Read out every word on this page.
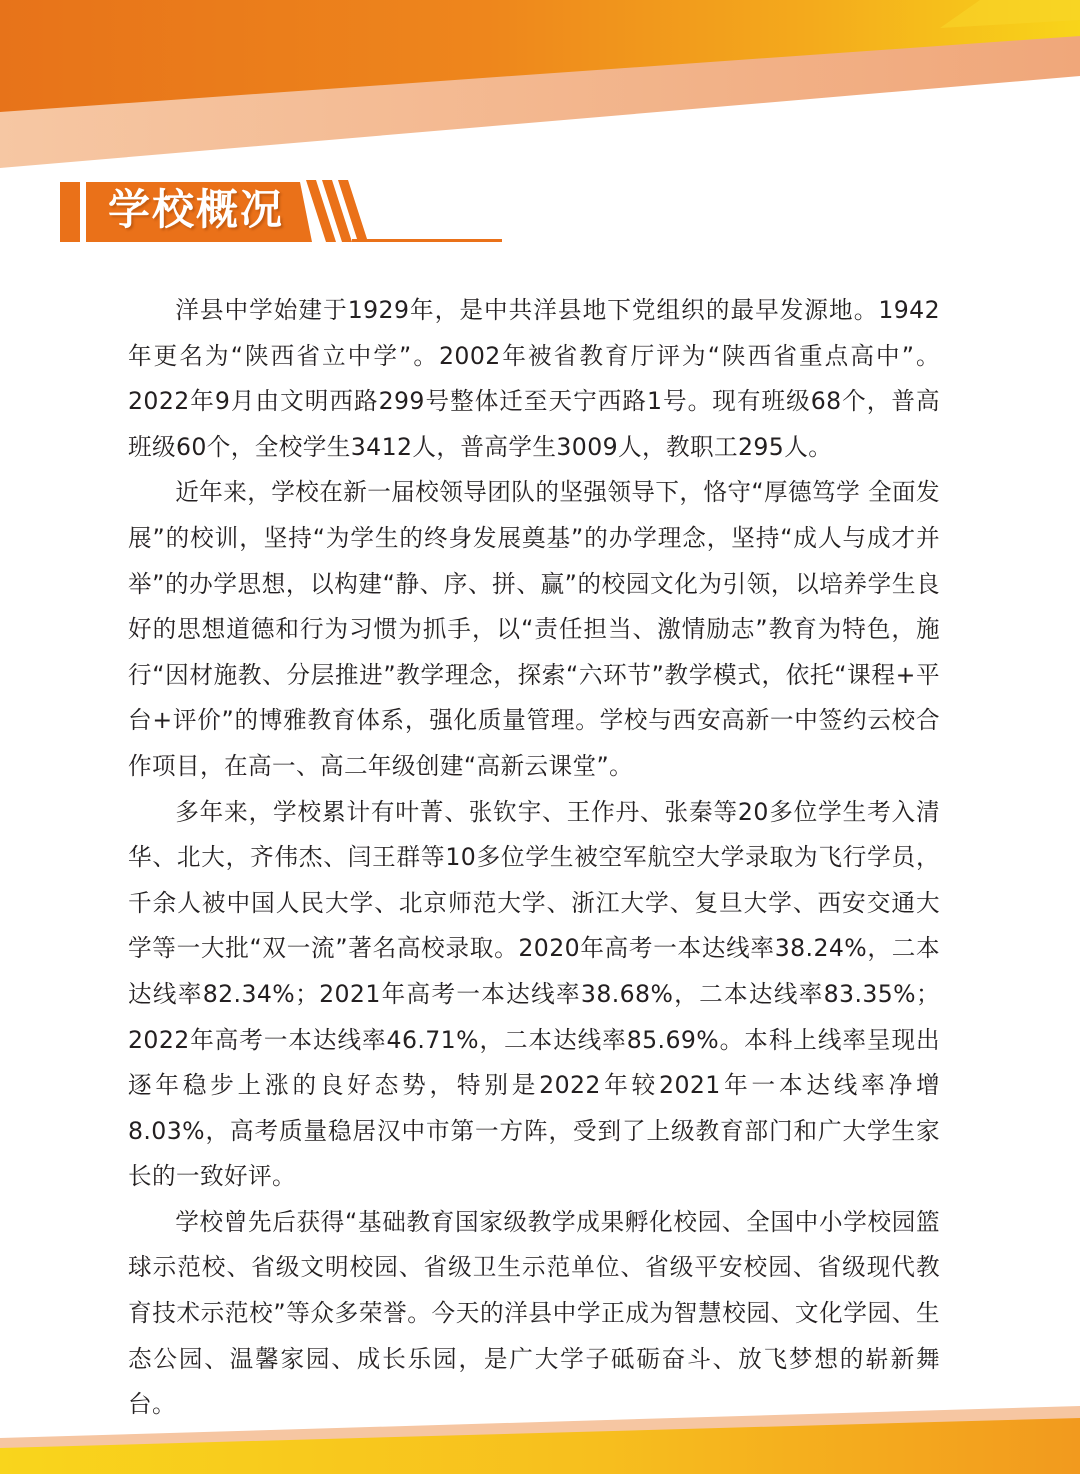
学校概况

洋县中学始建于1929年，是中共洋县地下党组织的最早发源地。1942年更名为“陕西省立中学”。2002年被省教育厅评为“陕西省重点高中”。2022年9月由文明西路299号整体迁至天宁西路1号。现有班级68个，普高班级60个，全校学生3412人，普高学生3009人，教职工295人。

近年来，学校在新一届校领导团队的坚强领导下，恪守“厚德笃学 全面发展”的校训，坚持“为学生的终身发展奠基”的办学理念，坚持“成人与成才并举”的办学思想，以构建“静、序、拼、赢”的校园文化为引领，以培养学生良好的思想道德和行为习惯为抓手，以“责任担当、激情励志”教育为特色，施行“因材施教、分层推进”教学理念，探索“六环节”教学模式，依托“课程+平台+评价”的博雅教育体系，强化质量管理。学校与西安高新一中签约云校合作项目，在高一、高二年级创建“高新云课堂”。

多年来，学校累计有叶菁、张钦宇、王作丹、张秦等20多位学生考入清华、北大，齐伟杰、闫王群等10多位学生被空军航空大学录取为飞行学员，千余人被中国人民大学、北京师范大学、浙江大学、复旦大学、西安交通大学等一大批“双一流”著名高校录取。2020年高考一本达线率38.24%，二本达线率82.34%；2021年高考一本达线率38.68%，二本达线率83.35%；2022年高考一本达线率46.71%，二本达线率85.69%。本科上线率呈现出逐年稳步上涨的良好态势，特别是2022年较2021年一本达线率净增8.03%，高考质量稳居汉中市第一方阵，受到了上级教育部门和广大学生家长的一致好评。

学校曾先后获得“基础教育国家级教学成果孵化校园、全国中小学校园篮球示范校、省级文明校园、省级卫生示范单位、省级平安校园、省级现代教育技术示范校”等众多荣誉。今天的洋县中学正成为智慧校园、文化学园、生态公园、温馨家园、成长乐园，是广大学子砥砺奋斗、放飞梦想的崭新舞台。
